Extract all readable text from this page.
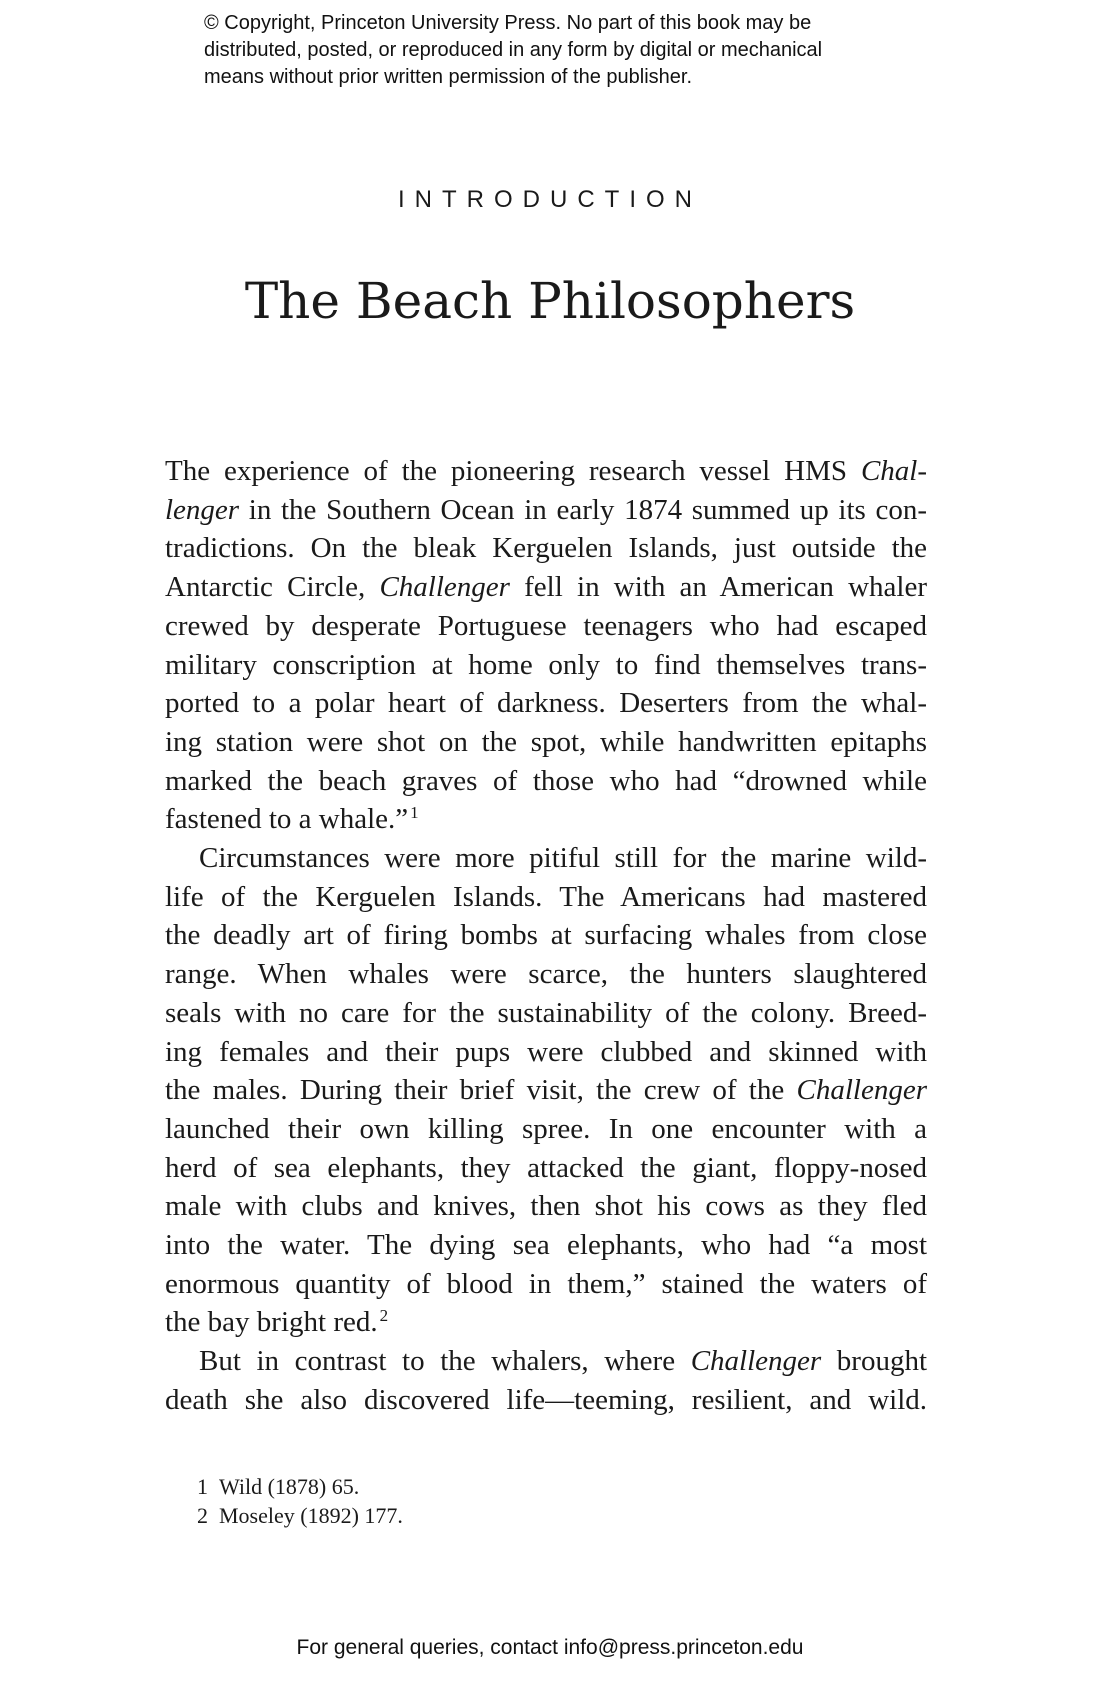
© Copyright, Princeton University Press. No part of this book may be
distributed, posted, or reproduced in any form by digital or mechanical
means without prior written permission of the publisher.
INTRODUCTION
The Beach Philosophers
The experience of the pioneering research vessel HMS Chal-
lenger in the Southern Ocean in early 1874 summed up its con-
tradictions. On the bleak Kerguelen Islands, just outside the
Antarctic Circle, Challenger fell in with an American whaler
crewed by desperate Portuguese teenagers who had escaped
military conscription at home only to find themselves trans-
ported to a polar heart of darkness. Deserters from the whal-
ing station were shot on the spot, while handwritten epitaphs
marked the beach graves of those who had “drowned while
fastened to a whale.” $^1$
Circumstances were more pitiful still for the marine wild-
life of the Kerguelen Islands. The Americans had mastered
the deadly art of firing bombs at surfacing whales from close
range. When whales were scarce, the hunters slaughtered
seals with no care for the sustainability of the colony. Breed-
ing females and their pups were clubbed and skinned with
the males. During their brief visit, the crew of the Challenger
launched their own killing spree. In one encounter with a
herd of sea elephants, they attacked the giant, floppy-nosed
male with clubs and knives, then shot his cows as they fled
into the water. The dying sea elephants, who had “a most
enormous quantity of blood in them,” stained the waters of
the bay bright red. $^2$
But in contrast to the whalers, where Challenger brought
death she also discovered life—teeming, resilient, and wild.
1 Wild (1878) 65.
2 Moseley (1892) 177.
For general queries, contact info@press.princeton.edu
